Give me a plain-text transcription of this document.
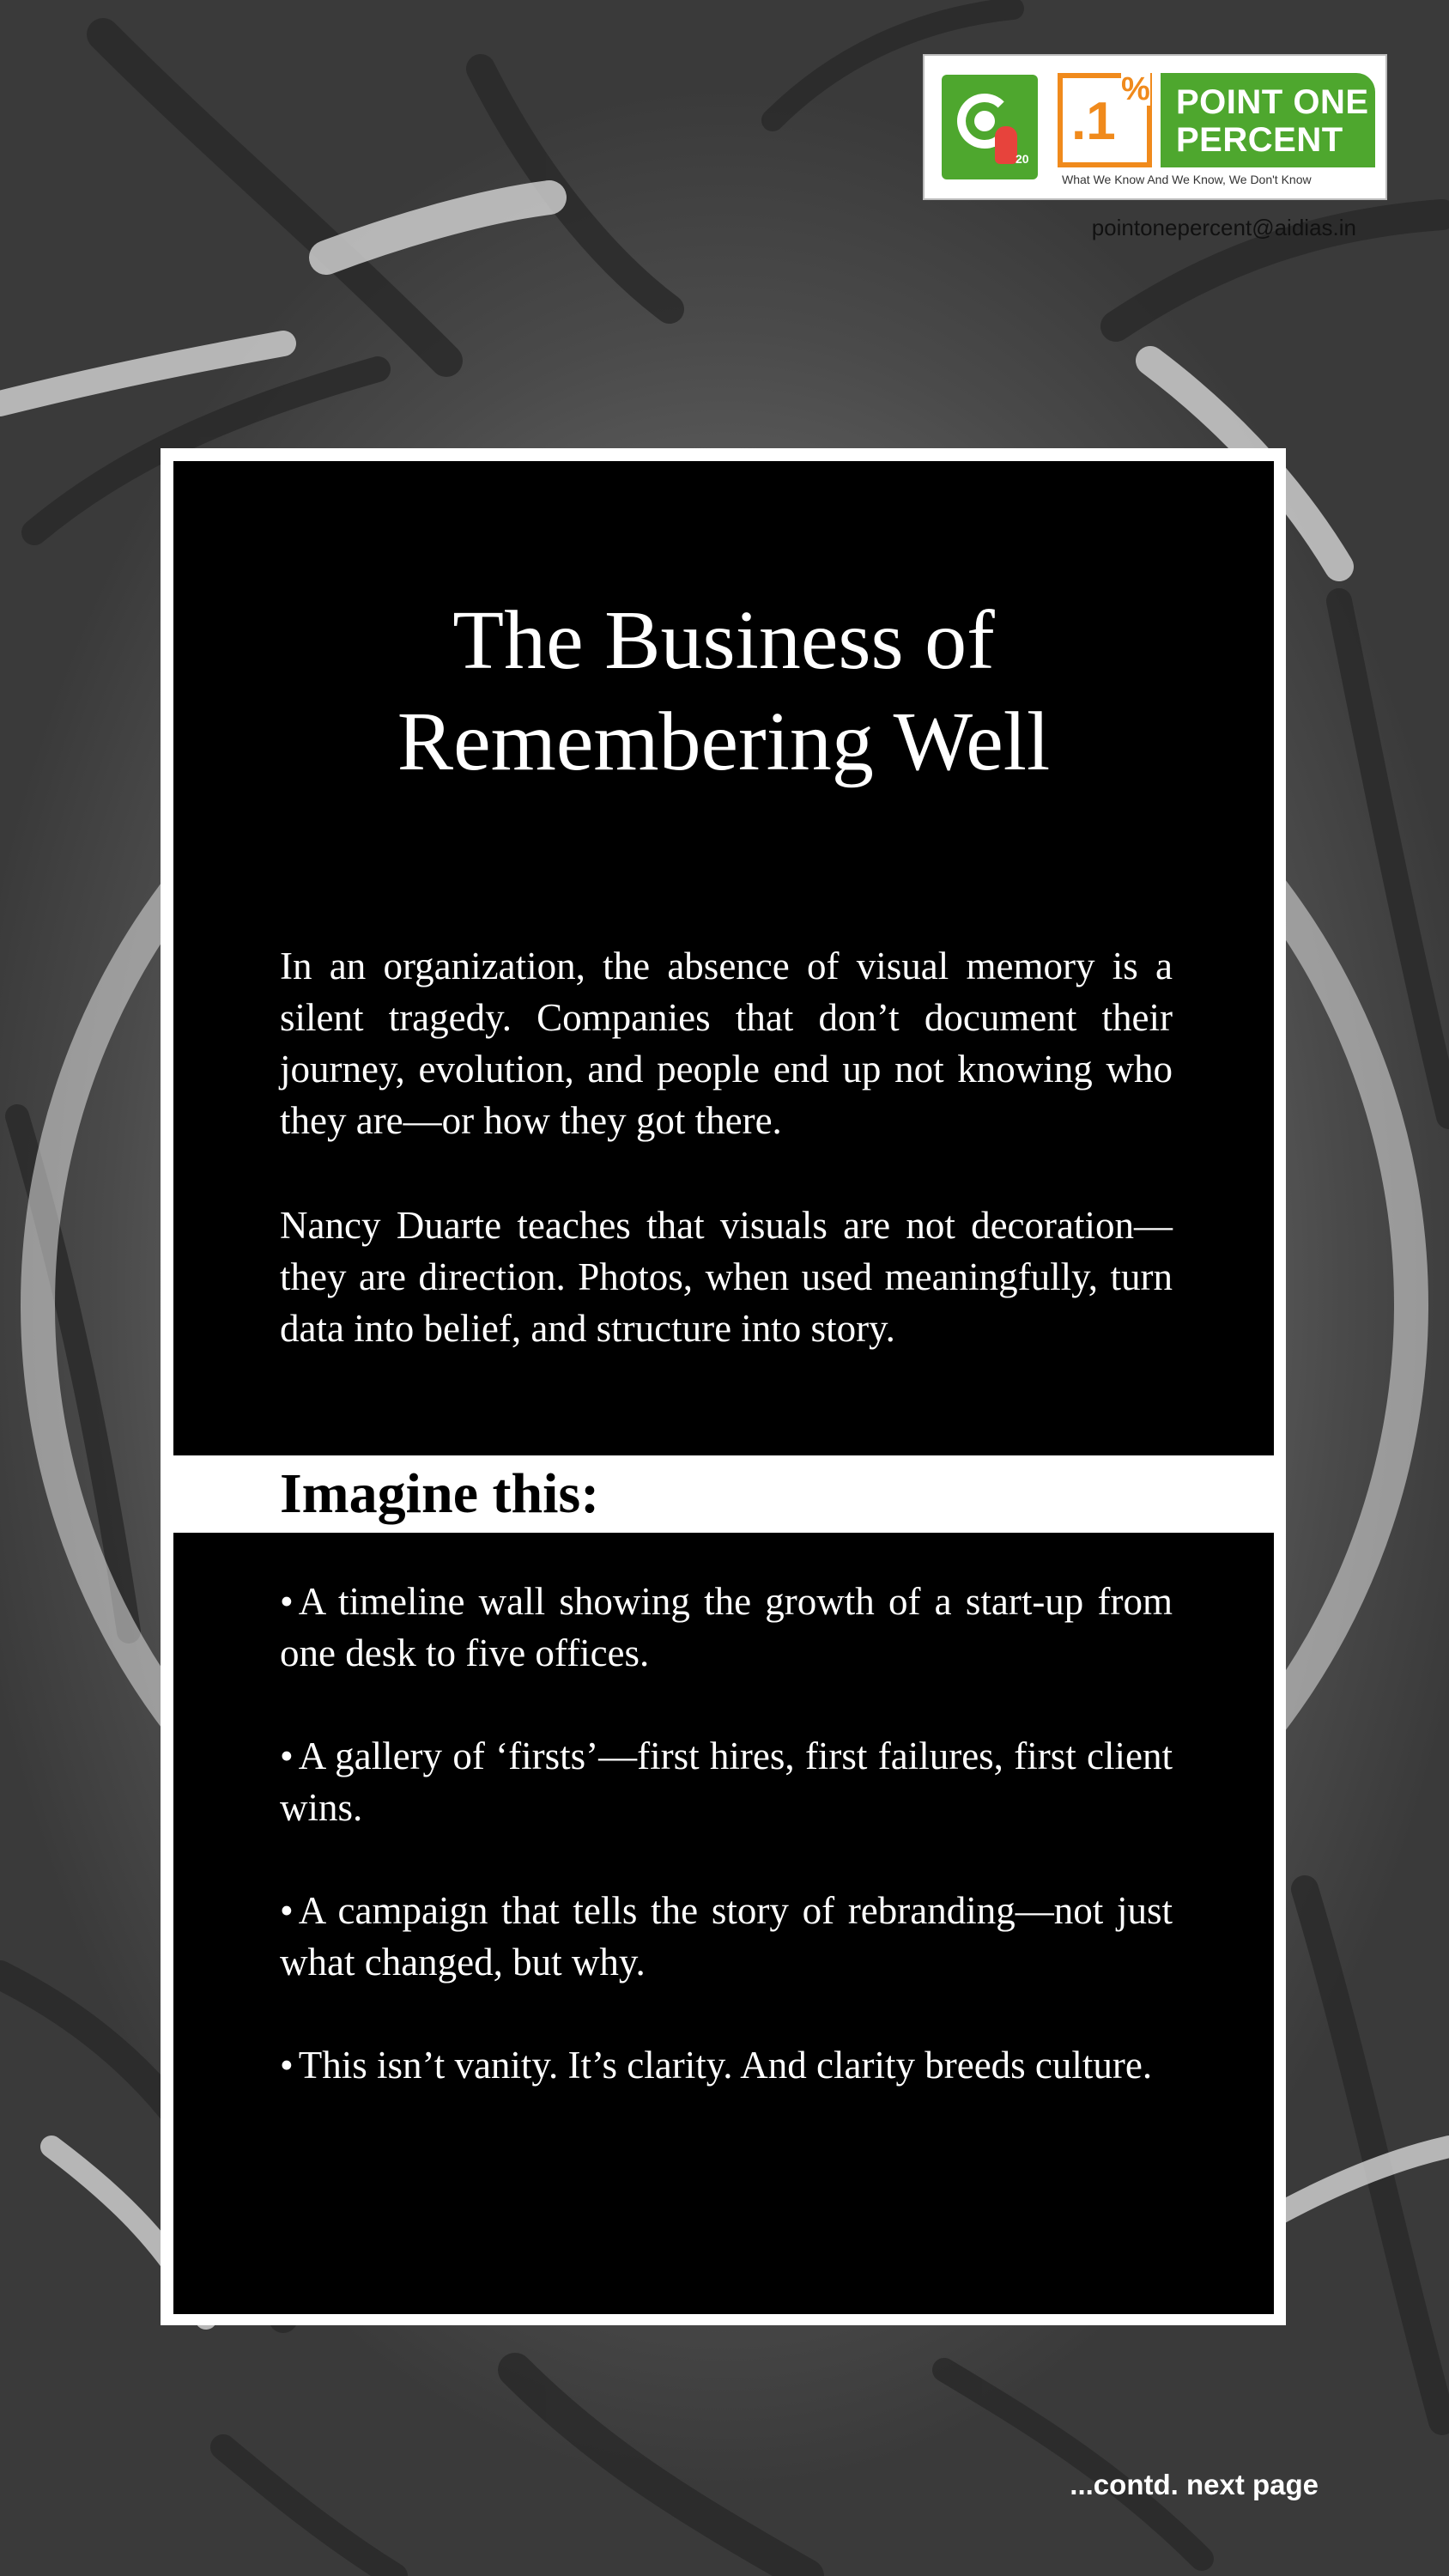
20
.1
% POINT ONE
PERCENT
What We Know And We Know, We Don't Know
pointonepercent@aidias.in
The Business of
Remembering Well

In an organization, the absence of visual memory is a silent tragedy. Companies that don’t document their journey, evolution, and people end up not knowing who they are—or how they got there.

Nancy Duarte teaches that visuals are not decoration—they are direction. Photos, when used meaningfully, turn data into belief, and structure into story.

Imagine this:
• A timeline wall showing the growth of a start-up from one desk to five offices.
• A gallery of ‘firsts’—first hires, first failures, first client wins.
• A campaign that tells the story of rebranding—not just what changed, but why.
• This isn’t vanity. It’s clarity. And clarity breeds culture.
...contd. next page
